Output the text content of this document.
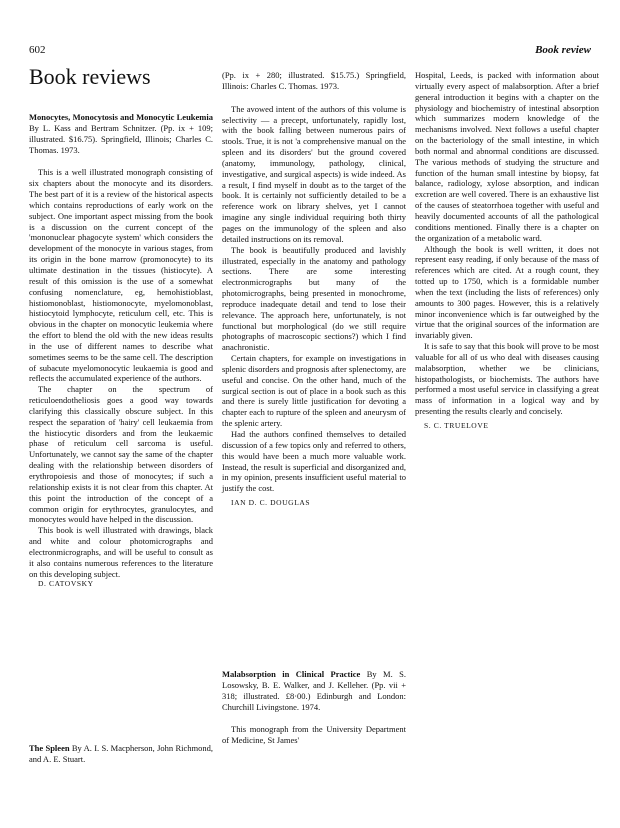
602	Book review
Book reviews

Monocytes, Monocytosis and Monocytic Leukemia By L. Kass and Bertram Schnitzer. (Pp. ix + 109; illustrated. $16.75). Springfield, Illinois; Charles C. Thomas. 1973.

This is a well illustrated monograph consisting of six chapters about the monocyte and its disorders. The best part of it is a review of the historical aspects which contains reproductions of early work on the subject. One important aspect missing from the book is a discussion on the current concept of the 'mononuclear phagocyte system' which considers the development of the monocyte in various stages, from its origin in the bone marrow (promonocyte) to its ultimate destination in the tissues (histiocyte). A result of this omission is the use of a somewhat confusing nomenclature, eg, hemohistioblast, histiomonoblast, histiomonocyte, myelomonoblast, histiocytoid lymphocyte, reticulum cell, etc. This is obvious in the chapter on monocytic leukemia where the effort to blend the old with the new ideas results in the use of different names to describe what sometimes seems to be the same cell. The description of subacute myelomonocytic leukaemia is good and reflects the accumulated experience of the authors.

The chapter on the spectrum of reticuloendotheliosis goes a good way towards clarifying this classically obscure subject. In this respect the separation of 'hairy' cell leukaemia from the histiocytic disorders and from the leukaemic phase of reticulum cell sarcoma is useful. Unfortunately, we cannot say the same of the chapter dealing with the relationship between disorders of erythropoiesis and those of monocytes; if such a relationship exists it is not clear from this chapter. At this point the introduction of the concept of a common origin for erythrocytes, granulocytes, and monocytes would have helped in the discussion.

This book is well illustrated with drawings, black and white and colour photomicrographs and electronmicrographs, and will be useful to consult as it also contains numerous references to the literature on this developing subject.

D. CATOVSKY

The Spleen By A. I. S. Macpherson, John Richmond, and A. E. Stuart.

(Pp. ix + 280; illustrated. $15.75.) Springfield, Illinois: Charles C. Thomas. 1973.

The avowed intent of the authors of this volume is selectivity — a precept, unfortunately, rapidly lost, with the book falling between numerous pairs of stools. True, it is not 'a comprehensive manual on the spleen and its disorders' but the ground covered (anatomy, immunology, pathology, clinical, investigative, and surgical aspects) is wide indeed. As a result, I find myself in doubt as to the target of the book. It is certainly not sufficiently detailed to be a reference work on library shelves, yet I cannot imagine any single individual requiring both thirty pages on the immunology of the spleen and also detailed instructions on its removal.

The book is beautifully produced and lavishly illustrated, especially in the anatomy and pathology sections. There are some interesting electronmicrographs but many of the photomicrographs, being presented in monochrome, reproduce inadequate detail and tend to lose their relevance. The approach here, unfortunately, is not functional but morphological (do we still require photographs of macroscopic sections?) which I find anachronistic.

Certain chapters, for example on investigations in splenic disorders and prognosis after splenectomy, are useful and concise. On the other hand, much of the surgical section is out of place in a book such as this and there is surely little justification for devoting a chapter each to rupture of the spleen and aneurysm of the splenic artery.

Had the authors confined themselves to detailed discussion of a few topics only and referred to others, this would have been a much more valuable work. Instead, the result is superficial and disorganized and, in my opinion, presents insufficient useful material to justify the cost.

IAN D. C. DOUGLAS

Malabsorption in Clinical Practice By M. S. Losowsky, B. E. Walker, and J. Kelleher. (Pp. vii + 318; illustrated. £8·00.) Edinburgh and London: Churchill Livingstone. 1974.

This monograph from the University Department of Medicine, St James'

Hospital, Leeds, is packed with information about virtually every aspect of malabsorption. After a brief general introduction it begins with a chapter on the physiology and biochemistry of intestinal absorption which summarizes modern knowledge of the mechanisms involved. Next follows a useful chapter on the bacteriology of the small intestine, in which both normal and abnormal conditions are discussed. The various methods of studying the structure and function of the human small intestine by biopsy, fat balance, radiology, xylose absorption, and indican excretion are well covered. There is an exhaustive list of the causes of steatorrhoea together with useful and heavily documented accounts of all the pathological conditions mentioned. Finally there is a chapter on the organization of a metabolic ward.

Although the book is well written, it does not represent easy reading, if only because of the mass of references which are cited. At a rough count, they totted up to 1750, which is a formidable number when the text (including the lists of references) only amounts to 300 pages. However, this is a relatively minor inconvenience which is far outweighed by the virtue that the original sources of the information are invariably given.

It is safe to say that this book will prove to be most valuable for all of us who deal with diseases causing malabsorption, whether we be clinicians, histopathologists, or biochemists. The authors have performed a most useful service in classifying a great mass of information in a logical way and by presenting the results clearly and concisely.

S. C. TRUELOVE
